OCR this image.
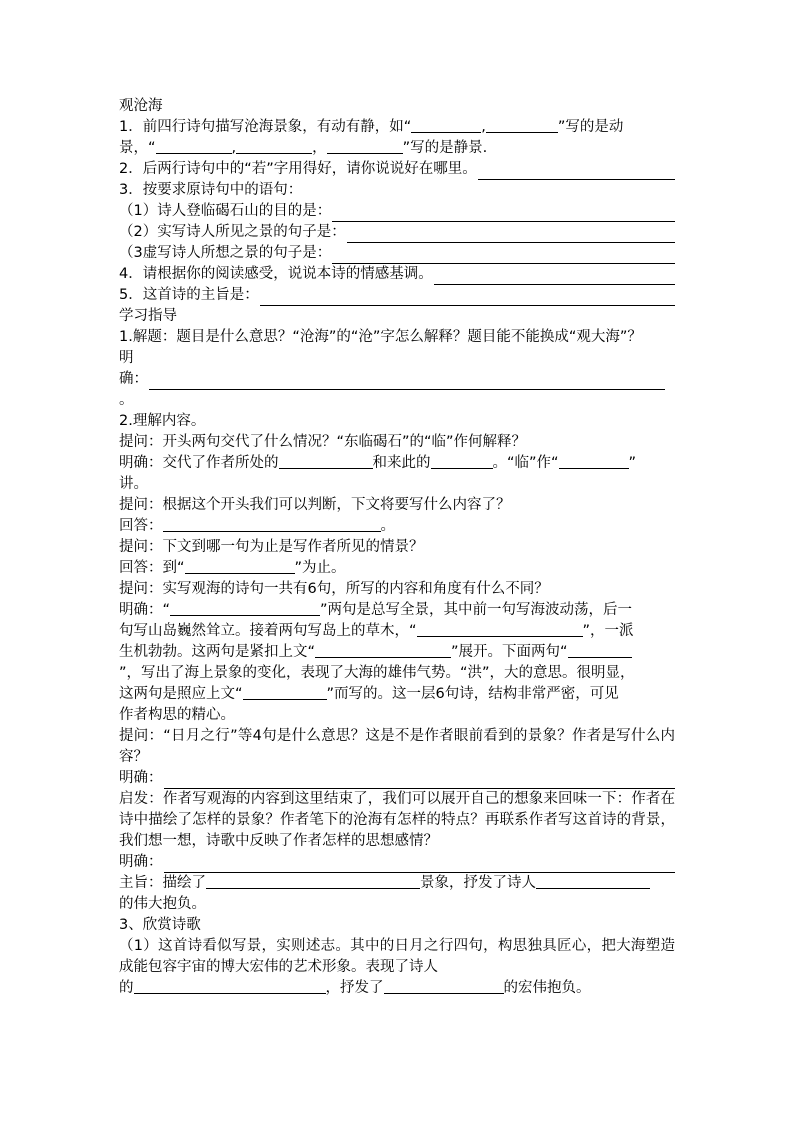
观沧海
1．前四行诗句描写沧海景象，有动有静，如“	,	”写的是动
景，“	,	，	”写的是静景.
2．后两行诗句中的“若”字用得好，请你说说好在哪里。
3．按要求原诗句中的语句：
（1）诗人登临碣石山的目的是：
（2）实写诗人所见之景的句子是：
（3虚写诗人所想之景的句子是：
4．请根据你的阅读感受，说说本诗的情感基调。
5．这首诗的主旨是：
学习指导
1.解题：题目是什么意思？“沧海”的“沧”字怎么解释？题目能不能换成“观大海”？
明
确：
。
2.理解内容。
提问：开头两句交代了什么情况？“东临碣石”的“临”作何解释？
明确：交代了作者所处的	和来此的	。“临”作“	”
讲。
提问：根据这个开头我们可以判断，下文将要写什么内容了？
回答：	。
提问：下文到哪一句为止是写作者所见的情景？
回答：到“	”为止。
提问：实写观海的诗句一共有6句，所写的内容和角度有什么不同？
明确：“	”两句是总写全景，其中前一句写海波动荡，后一
句写山岛巍然耸立。接着两句写岛上的草木，“	”，一派
生机勃勃。这两句是紧扣上文“	”展开。下面两句“
”，写出了海上景象的变化，表现了大海的雄伟气势。“洪”，大的意思。很明显，
这两句是照应上文“	”而写的。这一层6句诗，结构非常严密，可见
作者构思的精心。
提问：“日月之行”等4句是什么意思？这是不是作者眼前看到的景象？作者是写什么内容？
明确：
启发：作者写观海的内容到这里结束了，我们可以展开自己的想象来回味一下：作者在诗中描绘了怎样的景象？作者笔下的沧海有怎样的特点？再联系作者写这首诗的背景，我们想一想，诗歌中反映了作者怎样的思想感情？
明确：
主旨：描绘了	景象，抒发了诗人
的伟大抱负。
3、欣赏诗歌
（1）这首诗看似写景，实则述志。其中的日月之行四句，构思独具匠心，把大海塑造成能包容宇宙的博大宏伟的艺术形象。表现了诗人
的	，抒发了	的宏伟抱负。
